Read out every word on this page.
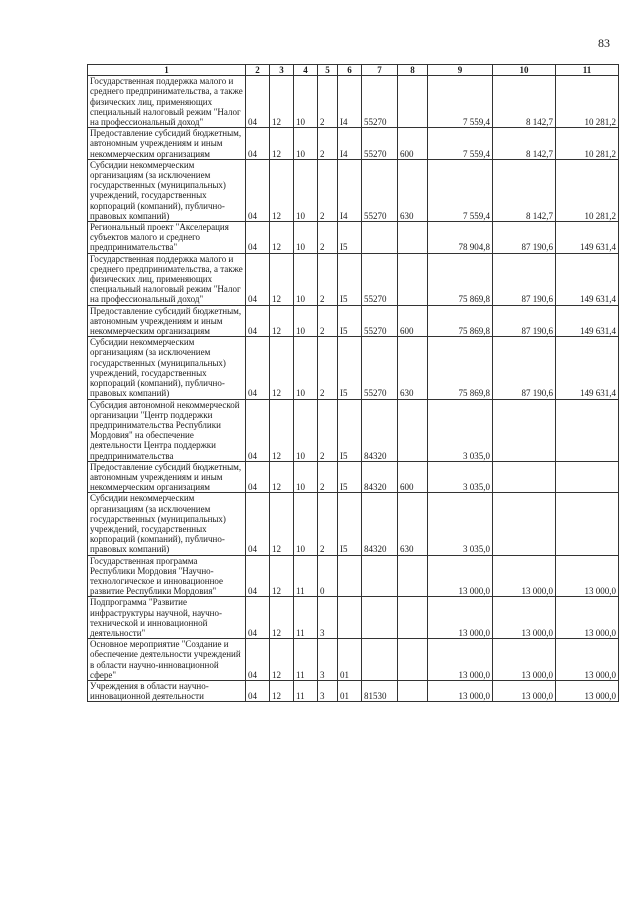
83
1	2	3	4	5	6	7	8	9	10	11
Государственная поддержка малого и среднего предпринимательства, а также физических лиц, применяющих специальный налоговый режим "Налог на профессиональный доход"	04	12	10	2	I4	55270		7 559,4	8 142,7	10 281,2
Предоставление субсидий бюджетным, автономным учреждениям и иным некоммерческим организациям	04	12	10	2	I4	55270	600	7 559,4	8 142,7	10 281,2
Субсидии некоммерческим организациям (за исключением государственных (муниципальных) учреждений, государственных корпораций (компаний), публично-правовых компаний)	04	12	10	2	I4	55270	630	7 559,4	8 142,7	10 281,2
Региональный проект "Акселерация субъектов малого и среднего предпринимательства"	04	12	10	2	I5			78 904,8	87 190,6	149 631,4
Государственная поддержка малого и среднего предпринимательства, а также физических лиц, применяющих специальный налоговый режим "Налог на профессиональный доход"	04	12	10	2	I5	55270		75 869,8	87 190,6	149 631,4
Предоставление субсидий бюджетным, автономным учреждениям и иным некоммерческим организациям	04	12	10	2	I5	55270	600	75 869,8	87 190,6	149 631,4
Субсидии некоммерческим организациям (за исключением государственных (муниципальных) учреждений, государственных корпораций (компаний), публично-правовых компаний)	04	12	10	2	I5	55270	630	75 869,8	87 190,6	149 631,4
Субсидия автономной некоммерческой организации "Центр поддержки предпринимательства Республики Мордовия" на обеспечение деятельности Центра поддержки предпринимательства	04	12	10	2	I5	84320		3 035,0		
Предоставление субсидий бюджетным, автономным учреждениям и иным некоммерческим организациям	04	12	10	2	I5	84320	600	3 035,0		
Субсидии некоммерческим организациям (за исключением государственных (муниципальных) учреждений, государственных корпораций (компаний), публично-правовых компаний)	04	12	10	2	I5	84320	630	3 035,0		
Государственная программа Республики Мордовия "Научно-технологическое и инновационное развитие Республики Мордовия"	04	12	11	0				13 000,0	13 000,0	13 000,0
Подпрограмма "Развитие инфраструктуры научной, научно-технической и инновационной деятельности"	04	12	11	3				13 000,0	13 000,0	13 000,0
Основное мероприятие "Создание и обеспечение деятельности учреждений в области научно-инновационной сфере"	04	12	11	3	01			13 000,0	13 000,0	13 000,0
Учреждения в области научно-инновационной деятельности	04	12	11	3	01	81530		13 000,0	13 000,0	13 000,0
